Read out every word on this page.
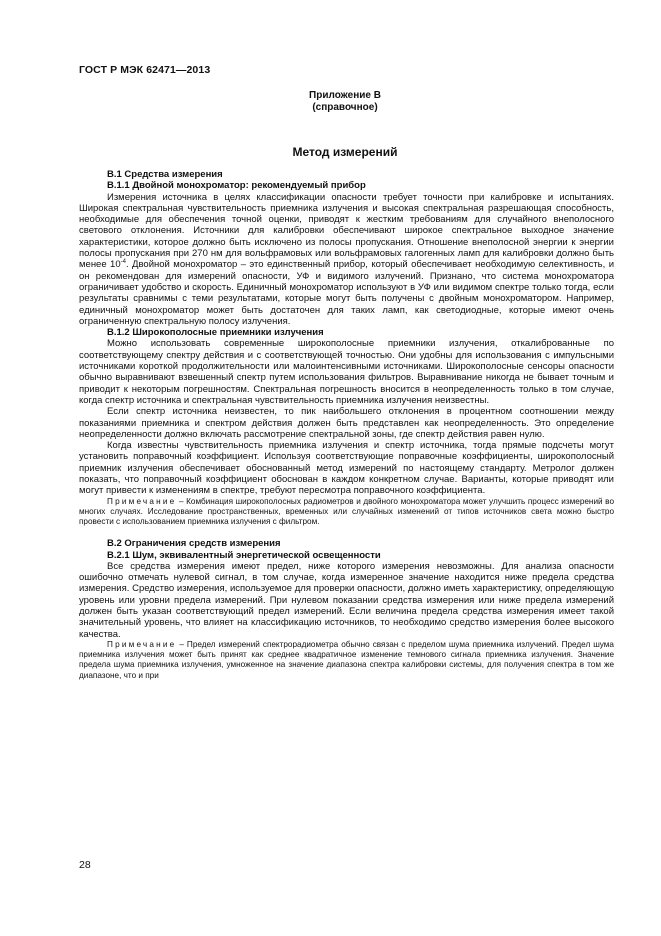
ГОСТ Р МЭК 62471—2013
Приложение В
(справочное)
Метод измерений
В.1 Средства измерения
В.1.1 Двойной монохроматор: рекомендуемый прибор

Измерения источника в целях классификации опасности требует точности при калибровке и испытаниях. Широкая спектральная чувствительность приемника излучения и высокая спектральная разрешающая способность, необходимые для обеспечения точной оценки, приводят к жестким требованиям для случайного внеполосного светового отклонения. Источники для калибровки обеспечивают широкое спектральное выходное значение характеристики, которое должно быть исключено из полосы пропускания. Отношение внеполосной энергии к энергии полосы пропускания при 270 нм для вольфрамовых или вольфрамовых галогенных ламп для калибровки должно быть менее $10^{-4}$. Двойной монохроматор – это единственный прибор, который обеспечивает необходимую селективность, и он рекомендован для измерений опасности, УФ и видимого излучений. Признано, что система монохроматора ограничивает удобство и скорость. Единичный монохроматор используют в УФ или видимом спектре только тогда, если результаты сравнимы с теми результатами, которые могут быть получены с двойным монохроматором. Например, единичный монохроматор может быть достаточен для таких ламп, как светодиодные, которые имеют очень ограниченную спектральную полосу излучения.

В.1.2 Широкополосные приемники излучения

Можно использовать современные широкополосные приемники излучения, откалиброванные по соответствующему спектру действия и с соответствующей точностью. Они удобны для использования с импульсными источниками короткой продолжительности или малоинтенсивными источниками. Широкополосные сенсоры опасности обычно выравнивают взвешенный спектр путем использования фильтров. Выравнивание никогда не бывает точным и приводит к некоторым погрешностям. Спектральная погрешность вносится в неопределенность только в том случае, когда спектр источника и спектральная чувствительность приемника излучения неизвестны.

Если спектр источника неизвестен, то пик наибольшего отклонения в процентном соотношении между показаниями приемника и спектром действия должен быть представлен как неопределенность. Это определение неопределенности должно включать рассмотрение спектральной зоны, где спектр действия равен нулю.

Когда известны чувствительность приемника излучения и спектр источника, тогда прямые подсчеты могут установить поправочный коэффициент. Используя соответствующие поправочные коэффициенты, широкополосный приемник излучения обеспечивает обоснованный метод измерений по настоящему стандарту. Метролог должен показать, что поправочный коэффициент обоснован в каждом конкретном случае. Варианты, которые приводят или могут привести к изменениям в спектре, требуют пересмотра поправочного коэффициента.

Примечание – Комбинация широкополосных радиометров и двойного монохроматора может улучшить процесс измерений во многих случаях. Исследование пространственных, временных или случайных изменений от типов источников света можно быстро провести с использованием приемника излучения с фильтром.

В.2 Ограничения средств измерения
В.2.1 Шум, эквивалентный энергетической освещенности

Все средства измерения имеют предел, ниже которого измерения невозможны. Для анализа опасности ошибочно отмечать нулевой сигнал, в том случае, когда измеренное значение находится ниже предела средства измерения. Средство измерения, используемое для проверки опасности, должно иметь характеристику, определяющую уровень или уровни предела измерений. При нулевом показании средства измерения или ниже предела измерений должен быть указан соответствующий предел измерений. Если величина предела средства измерения имеет такой значительный уровень, что влияет на классификацию источников, то необходимо средство измерения более высокого качества.

Примечание – Предел измерений спектрорадиометра обычно связан с пределом шума приемника излучений. Предел шума приемника излучения может быть принят как среднее квадратичное изменение темнового сигнала приемника излучения. Значение предела шума приемника излучения, умноженное на значение диапазона спектра калибровки системы, для получения спектра в том же диапазоне, что и при

28
